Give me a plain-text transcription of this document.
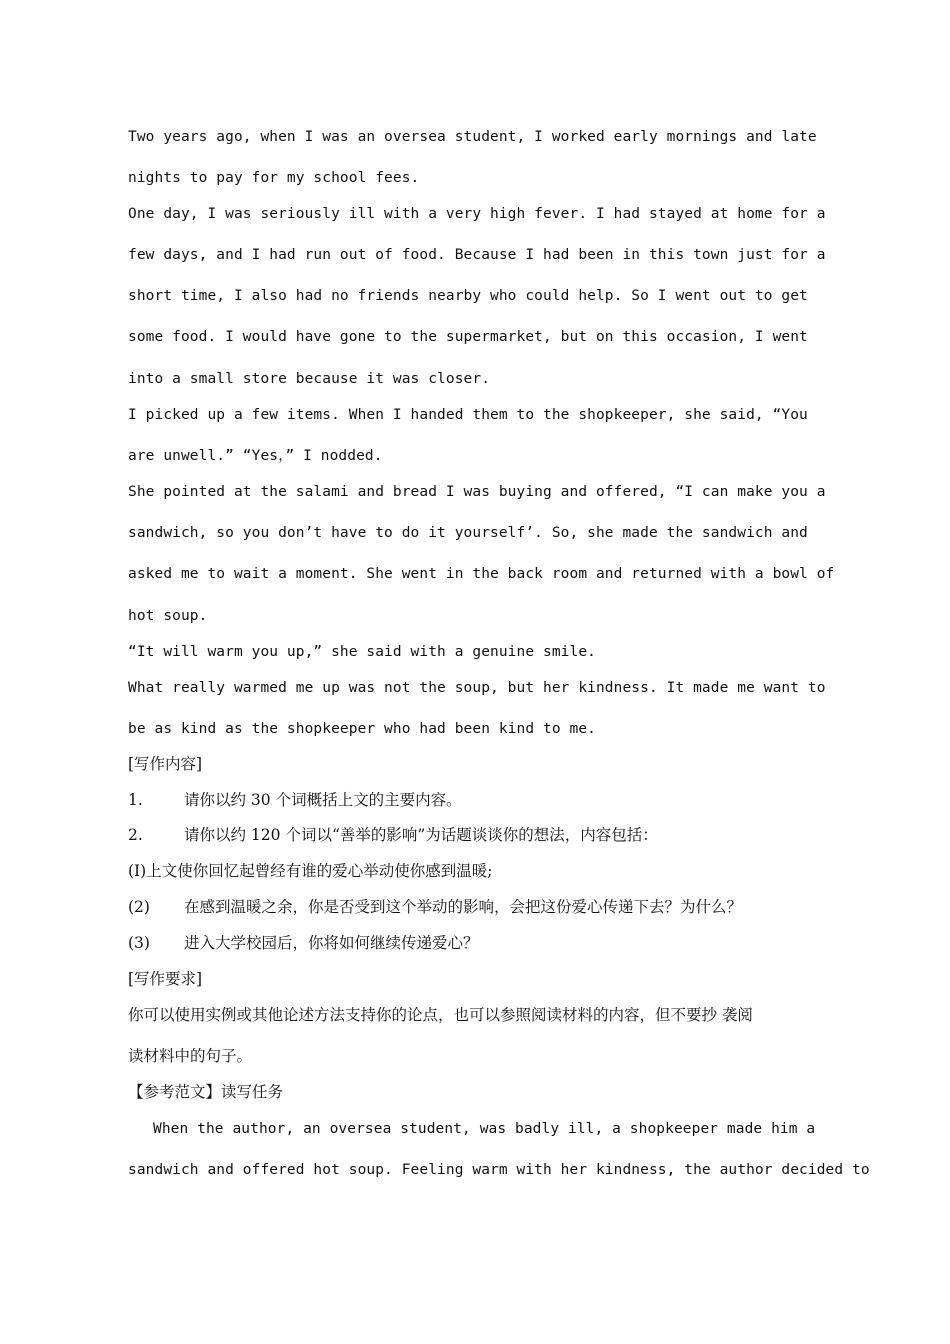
Two years ago, when I was an oversea student, I worked early mornings and late
nights to pay for my school fees.
One day, I was seriously ill with a very high fever. I had stayed at home for a
few days, and I had run out of food. Because I had been in this town just for a
short time, I also had no friends nearby who could help. So I went out to get
some food. I would have gone to the supermarket, but on this occasion, I went
into a small store because it was closer.
I picked up a few items. When I handed them to the shopkeeper, she said, “You
are unwell.” “Yes，” I nodded.
She pointed at the salami and bread I was buying and offered, “I can make you a
sandwich, so you don’t have to do it yourself’. So, she made the sandwich and
asked me to wait a moment. She went in the back room and returned with a bowl of
hot soup.
“It will warm you up,” she said with a genuine smile.
What really warmed me up was not the soup, but her kindness. It made me want to
be as kind as the shopkeeper who had been kind to me.
[写作内容]
1.	请你以约 30 个词概括上文的主要内容。
2.	请你以约 120 个词以“善举的影响”为话题谈谈你的想法，内容包括：
(Ⅰ)上文使你回忆起曾经有谁的爱心举动使你感到温暖;
(2) 在感到温暖之余，你是否受到这个举动的影响，会把这份爱心传递下去？为什么？
(3) 进入大学校园后，你将如何继续传递爱心？
[写作要求]
你可以使用实例或其他论述方法支持你的论点，也可以参照阅读材料的内容，但不要抄 袭阅
读材料中的句子。
【参考范文】读写任务
When the author, an oversea student, was badly ill, a shopkeeper made him a
sandwich and offered hot soup. Feeling warm with her kindness, the author decided to
